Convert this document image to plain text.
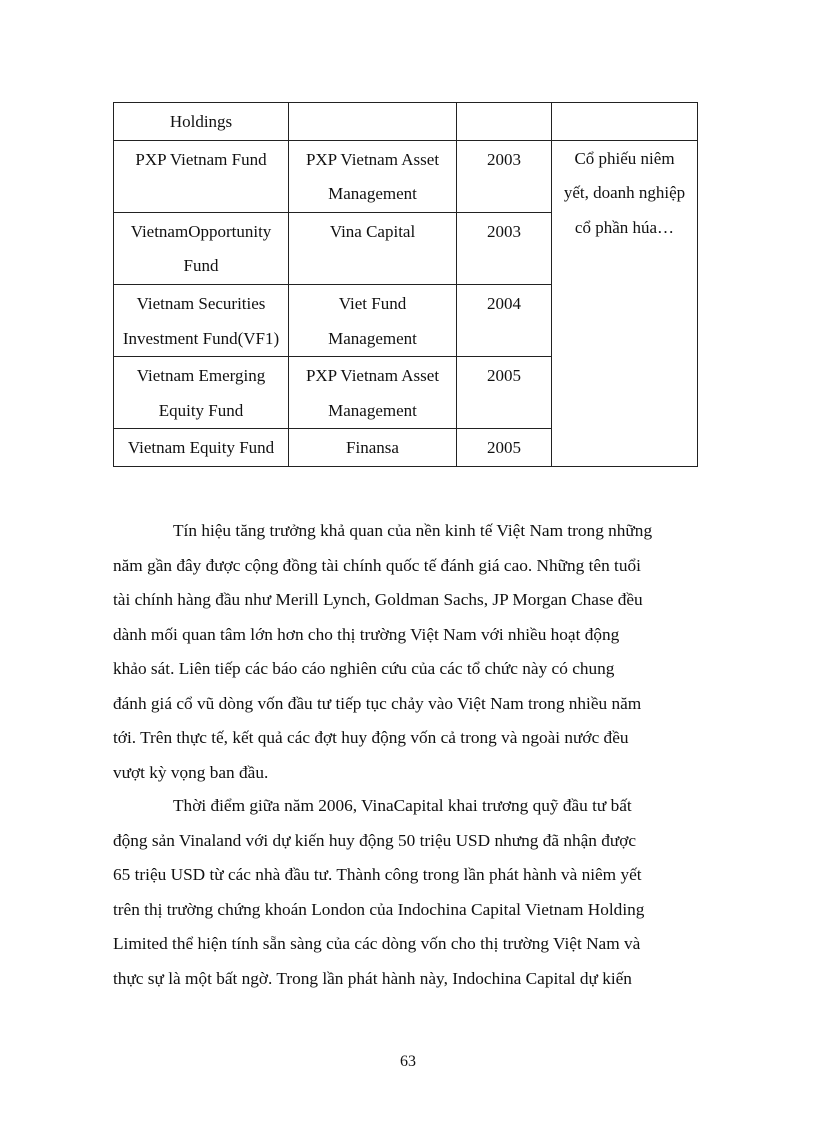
Holdings			
PXP Vietnam Fund	PXP Vietnam Asset Management	2003	Cổ phiếu niêm yết, doanh nghiệp cổ phần húa…
VietnamOpportunity Fund	Vina Capital	2003	
Vietnam Securities Investment Fund(VF1)	Viet Fund Management	2004	
Vietnam Emerging Equity Fund	PXP Vietnam Asset Management	2005	
Vietnam Equity Fund	Finansa	2005	
Tín hiệu tăng trưởng khả quan của nền kinh tế Việt Nam trong những
năm gần đây được cộng đồng tài chính quốc tế đánh giá cao. Những tên tuổi
tài chính hàng đầu như Merill Lynch, Goldman Sachs, JP Morgan Chase đều
dành mối quan tâm lớn hơn cho thị trường Việt Nam với nhiều hoạt động
khảo sát. Liên tiếp các báo cáo nghiên cứu của các tổ chức này có chung
đánh giá cổ vũ dòng vốn đầu tư tiếp tục chảy vào Việt Nam trong nhiều năm
tới. Trên thực tế, kết quả các đợt huy động vốn cả trong và ngoài nước đều
vượt kỳ vọng ban đầu.
Thời điểm giữa năm 2006, VinaCapital khai trương quỹ đầu tư bất
động sản Vinaland với dự kiến huy động 50 triệu USD nhưng đã nhận được
65 triệu USD từ các nhà đầu tư. Thành công trong lần phát hành và niêm yết
trên thị trường chứng khoán London của Indochina Capital Vietnam Holding
Limited thể hiện tính sẵn sàng của các dòng vốn cho thị trường Việt Nam và
thực sự là một bất ngờ. Trong lần phát hành này, Indochina Capital dự kiến
63
